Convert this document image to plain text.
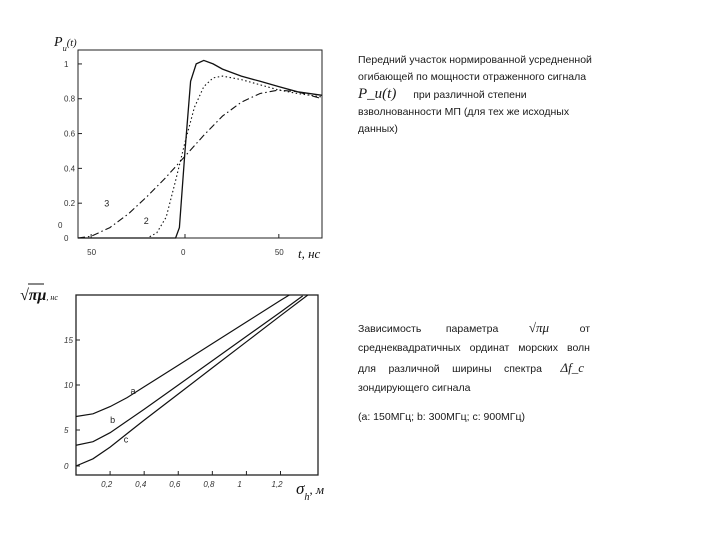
50	0	50
0
0.2
0.4
0.6
0.8
1
0
$P_u(t)$
t, нс
3
2
0,2	0,4	0,6	0,8	1	1,2
0
5
10
15
√πμ, нс
$\sigma_h$, м
a
b
c
Передний участок нормированной усредненной огибающей по мощности отраженного сигнала
P_u(t) при различной степени взволнованности МП (для тех же исходных данных)
Зависимость параметра √πμ	от среднеквадратичных ординат морских волн для различной ширины спектра Δf_c зондирующего сигнала
(a: 150МГц; b: 300МГц; c: 900МГц)
